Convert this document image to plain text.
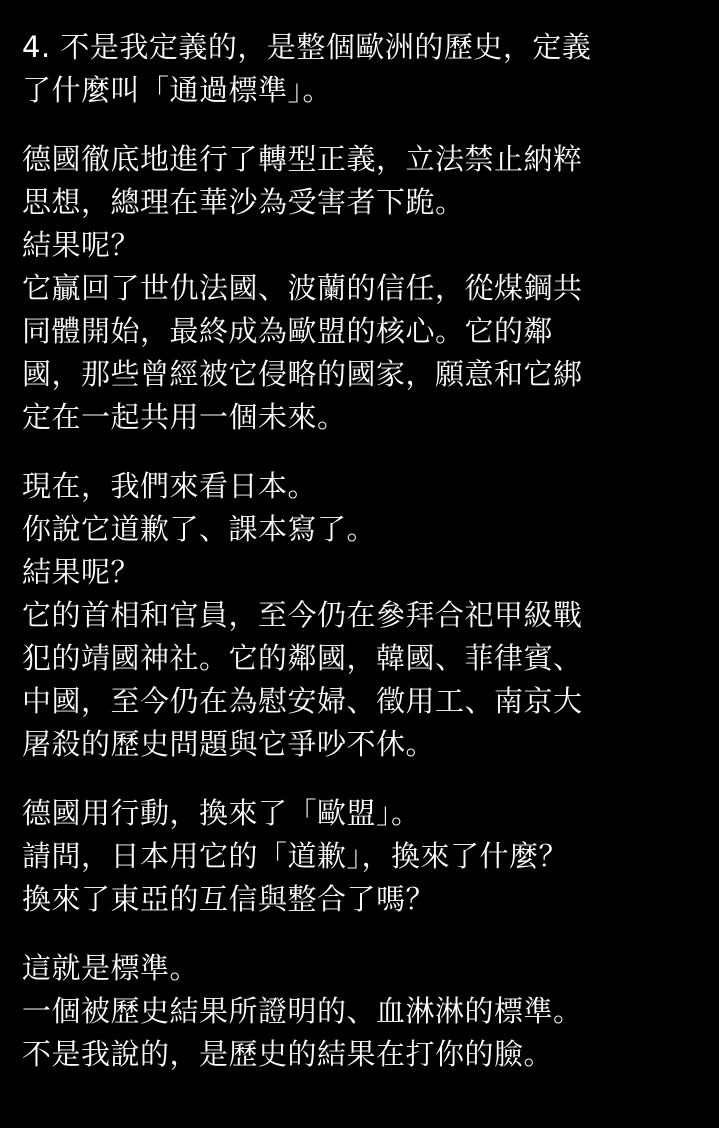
4. 不是我定義的，是整個歐洲的歷史，定義
了什麼叫「通過標準」。
德國徹底地進行了轉型正義，立法禁止納粹
思想，總理在華沙為受害者下跪。
結果呢？
它贏回了世仇法國、波蘭的信任，從煤鋼共
同體開始，最終成為歐盟的核心。它的鄰
國，那些曾經被它侵略的國家，願意和它綁
定在一起共用一個未來。
現在，我們來看日本。
你說它道歉了、課本寫了。
結果呢？
它的首相和官員，至今仍在參拜合祀甲級戰
犯的靖國神社。它的鄰國，韓國、菲律賓、
中國，至今仍在為慰安婦、徵用工、南京大
屠殺的歷史問題與它爭吵不休。
德國用行動，換來了「歐盟」。
請問，日本用它的「道歉」，換來了什麼？
換來了東亞的互信與整合了嗎？
這就是標準。
一個被歷史結果所證明的、血淋淋的標準。
不是我說的，是歷史的結果在打你的臉。
